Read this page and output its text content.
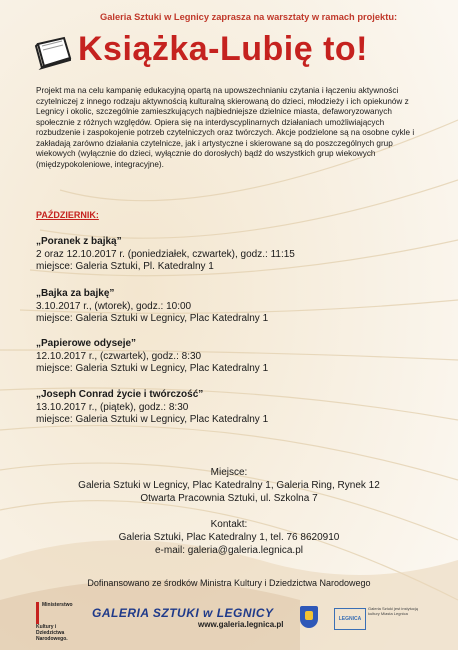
Galeria Sztuki w Legnicy zaprasza na warsztaty w ramach projektu:
Książka-Lubię to!
Projekt ma na celu kampanię edukacyjną opartą na upowszechnianiu czytania i łączeniu aktywności czytelniczej z innego rodzaju aktywnością kulturalną skierowaną do dzieci, młodzieży i ich opiekunów z Legnicy i okolic, szczególnie zamieszkujących najbiedniejsze dzielnice miasta, defaworyzowanych społecznie z różnych względów. Opiera się na interdyscyplinarnych działaniach umożliwiających rozbudzenie i zaspokojenie potrzeb czytelniczych oraz twórczych. Akcje podzielone są na osobne cykle i zakładają zarówno działania czytelnicze, jak i artystyczne i skierowane są do poszczególnych grup wiekowych (wyłącznie do dzieci, wyłącznie do dorosłych) bądź do wszystkich grup wiekowych (międzypokoleniowe, integracyjne).
PAŹDZIERNIK:
„Poranek z bajką”
2 oraz 12.10.2017 r. (poniedziałek, czwartek), godz.: 11:15
miejsce: Galeria Sztuki, Pl. Katedralny 1
„Bajka za bajkę”
3.10.2017 r., (wtorek), godz.: 10:00
miejsce: Galeria Sztuki w Legnicy, Plac Katedralny 1
„Papierowe odyseje”
12.10.2017 r., (czwartek), godz.: 8:30
miejsce: Galeria Sztuki w Legnicy, Plac Katedralny 1
„Joseph Conrad życie i twórczość”
13.10.2017 r., (piątek), godz.: 8:30
miejsce: Galeria Sztuki w Legnicy, Plac Katedralny 1
Miejsce:
Galeria Sztuki w Legnicy, Plac Katedralny 1, Galeria Ring, Rynek 12
Otwarta Pracownia Sztuki, ul. Szkolna 7
Kontakt:
Galeria Sztuki, Plac Katedralny 1, tel. 76 8620910
e-mail: galeria@galeria.legnica.pl
Dofinansowano ze środków Ministra Kultury i Dziedzictwa Narodowego
Ministerstwo Kultury i Dziedzictwa Narodowego.
GALERIA SZTUKI w LEGNICY
www.galeria.legnica.pl
LEGNICA
Galeria Sztuki jest instytucją kultury Miasta Legnica
